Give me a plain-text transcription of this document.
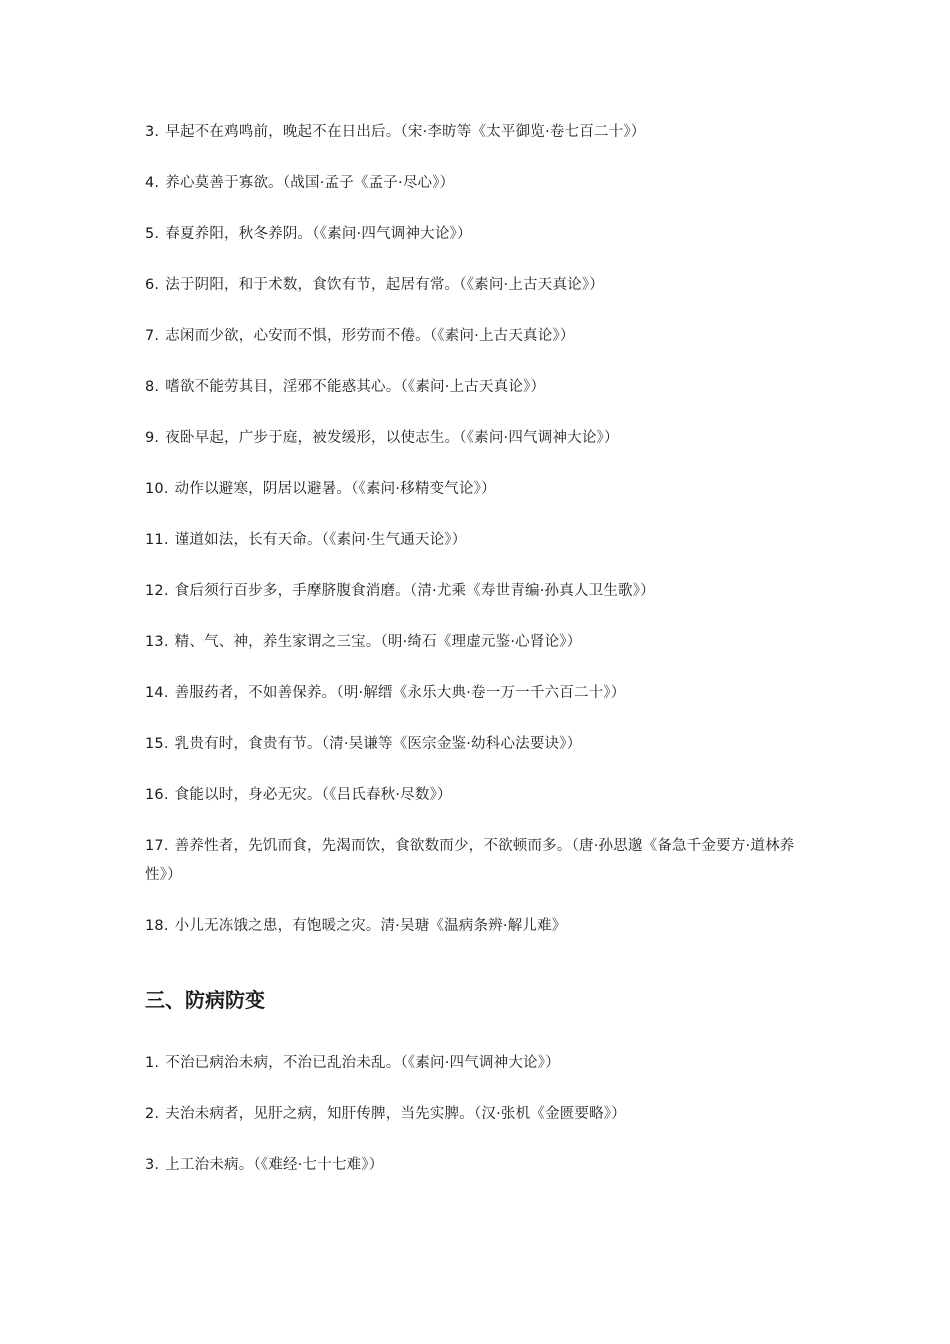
3. 早起不在鸡鸣前，晚起不在日出后。（宋·李昉等《太平御览·卷七百二十》）

4. 养心莫善于寡欲。（战国·孟子《孟子·尽心》）

5. 春夏养阳，秋冬养阴。（《素问·四气调神大论》）

6. 法于阴阳，和于术数，食饮有节，起居有常。（《素问·上古天真论》）

7. 志闲而少欲，心安而不惧，形劳而不倦。（《素问·上古天真论》）

8. 嗜欲不能劳其目，淫邪不能惑其心。（《素问·上古天真论》）

9. 夜卧早起，广步于庭，被发缓形，以使志生。（《素问·四气调神大论》）

10. 动作以避寒，阴居以避暑。（《素问·移精变气论》）

11. 谨道如法，长有天命。（《素问·生气通天论》）

12. 食后须行百步多，手摩脐腹食消磨。（清·尤乘《寿世青编·孙真人卫生歌》）

13. 精、气、神，养生家谓之三宝。（明·绮石《理虚元鉴·心肾论》）

14. 善服药者，不如善保养。（明·解缙《永乐大典·卷一万一千六百二十》）

15. 乳贵有时，食贵有节。（清·吴谦等《医宗金鉴·幼科心法要诀》）

16. 食能以时，身必无灾。（《吕氏春秋·尽数》）

17. 善养性者，先饥而食，先渴而饮，食欲数而少，不欲顿而多。（唐·孙思邈《备急千金要方·道林养性》）

18. 小儿无冻饿之患，有饱暖之灾。清·吴瑭《温病条辨·解儿难》

三、防病防变

1. 不治已病治未病，不治已乱治未乱。（《素问·四气调神大论》）

2. 夫治未病者，见肝之病，知肝传脾，当先实脾。（汉·张机《金匮要略》）

3. 上工治未病。（《难经·七十七难》）
